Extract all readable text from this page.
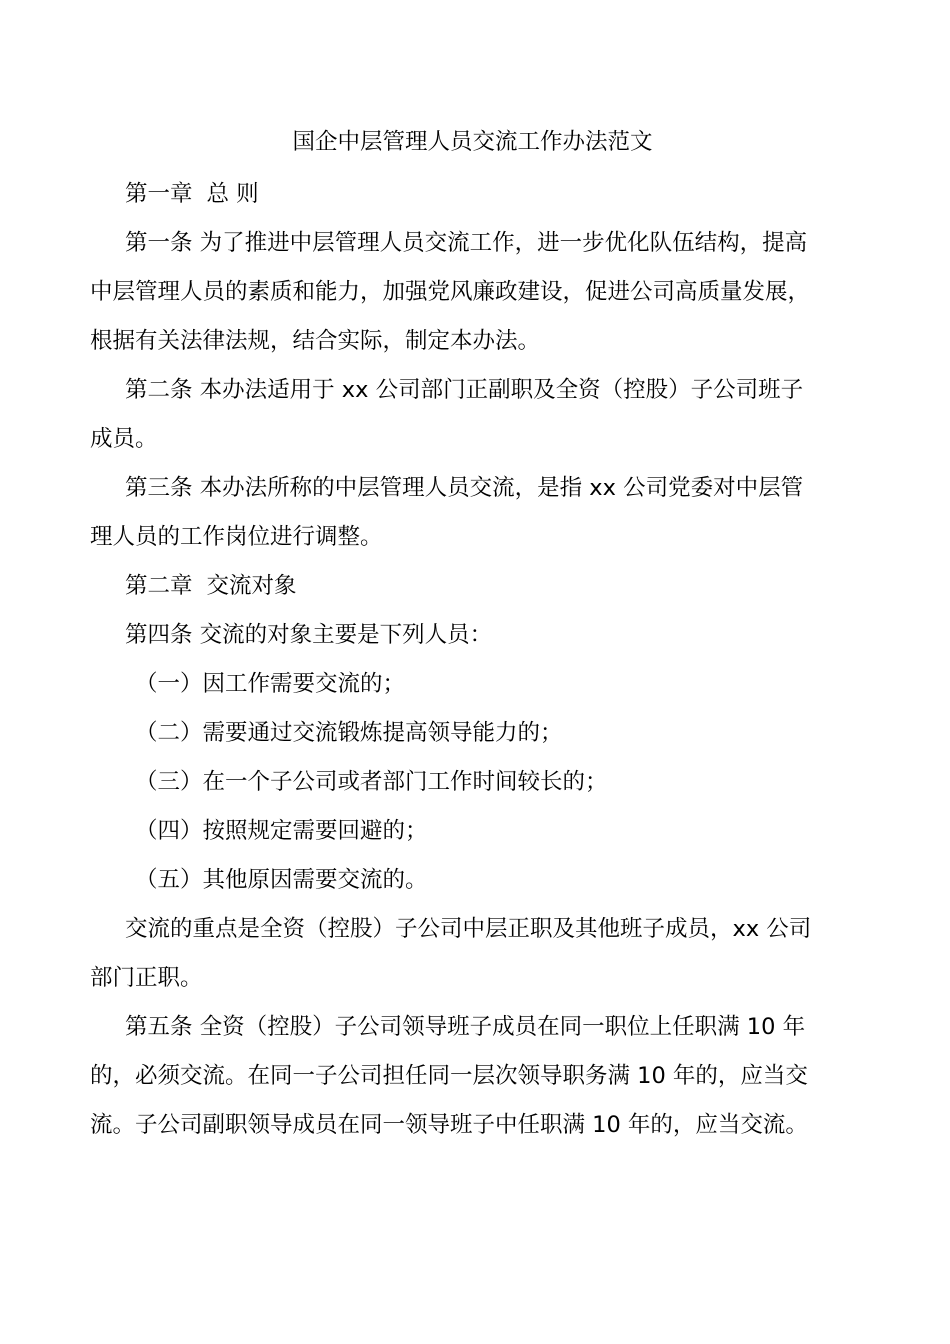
国企中层管理人员交流工作办法范文

第一章 总 则

第一条 为了推进中层管理人员交流工作，进一步优化队伍结构，提高

中层管理人员的素质和能力，加强党风廉政建设，促进公司高质量发展，

根据有关法律法规，结合实际，制定本办法。

第二条 本办法适用于 xx 公司部门正副职及全资（控股）子公司班子

成员。

第三条 本办法所称的中层管理人员交流，是指 xx 公司党委对中层管

理人员的工作岗位进行调整。

第二章 交流对象

第四条 交流的对象主要是下列人员：

（一）因工作需要交流的；

（二）需要通过交流锻炼提高领导能力的；

（三）在一个子公司或者部门工作时间较长的；

（四）按照规定需要回避的；

（五）其他原因需要交流的。

交流的重点是全资（控股）子公司中层正职及其他班子成员，xx 公司

部门正职。

第五条 全资（控股）子公司领导班子成员在同一职位上任职满 10 年

的，必须交流。在同一子公司担任同一层次领导职务满 10 年的，应当交

流。子公司副职领导成员在同一领导班子中任职满 10 年的，应当交流。
